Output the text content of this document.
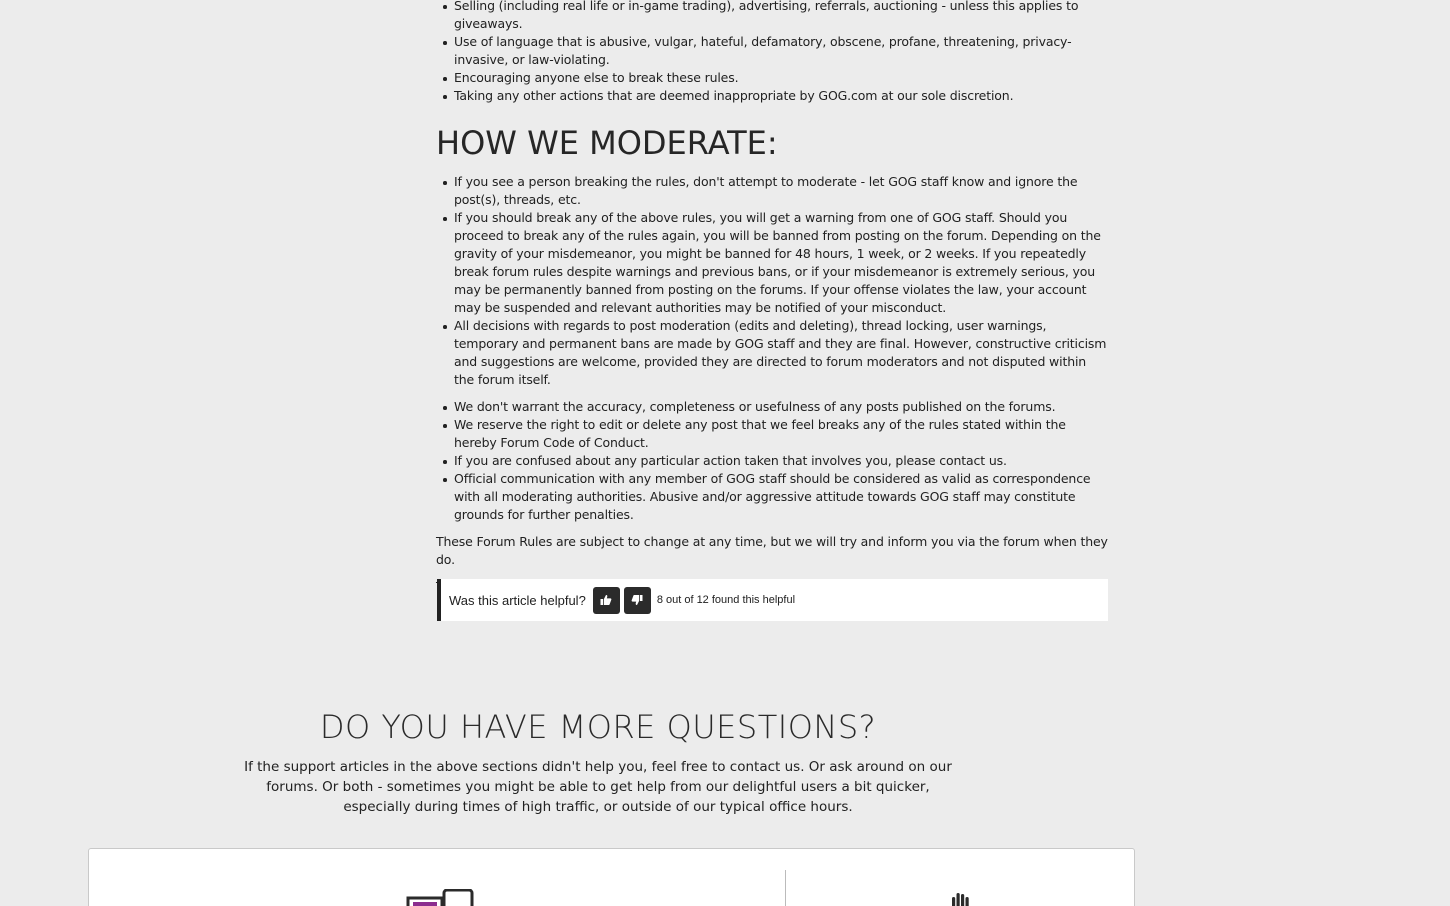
Selling (including real life or in-game trading), advertising, referrals, auctioning - unless this applies to giveaways.
Use of language that is abusive, vulgar, hateful, defamatory, obscene, profane, threatening, privacy-invasive, or law-violating.
Encouraging anyone else to break these rules.
Taking any other actions that are deemed inappropriate by GOG.com at our sole discretion.
HOW WE MODERATE:
If you see a person breaking the rules, don't attempt to moderate - let GOG staff know and ignore the post(s), threads, etc.
If you should break any of the above rules, you will get a warning from one of GOG staff. Should you proceed to break any of the rules again, you will be banned from posting on the forum. Depending on the gravity of your misdemeanor, you might be banned for 48 hours, 1 week, or 2 weeks. If you repeatedly break forum rules despite warnings and previous bans, or if your misdemeanor is extremely serious, you may be permanently banned from posting on the forums. If your offense violates the law, your account may be suspended and relevant authorities may be notified of your misconduct.
All decisions with regards to post moderation (edits and deleting), thread locking, user warnings, temporary and permanent bans are made by GOG staff and they are final. However, constructive criticism and suggestions are welcome, provided they are directed to forum moderators and not disputed within the forum itself.
We don't warrant the accuracy, completeness or usefulness of any posts published on the forums.
We reserve the right to edit or delete any post that we feel breaks any of the rules stated within the hereby Forum Code of Conduct.
If you are confused about any particular action taken that involves you, please contact us.
Official communication with any member of GOG staff should be considered as valid as correspondence with all moderating authorities. Abusive and/or aggressive attitude towards GOG staff may constitute grounds for further penalties.

These Forum Rules are subject to change at any time, but we will try and inform you via the forum when they do.

Was this article helpful?	8 out of 12 found this helpful
DO YOU HAVE MORE QUESTIONS?

If the support articles in the above sections didn't help you, feel free to contact us. Or ask around on our forums. Or both - sometimes you might be able to get help from our delightful users a bit quicker, especially during times of high traffic, or outside of our typical office hours.
